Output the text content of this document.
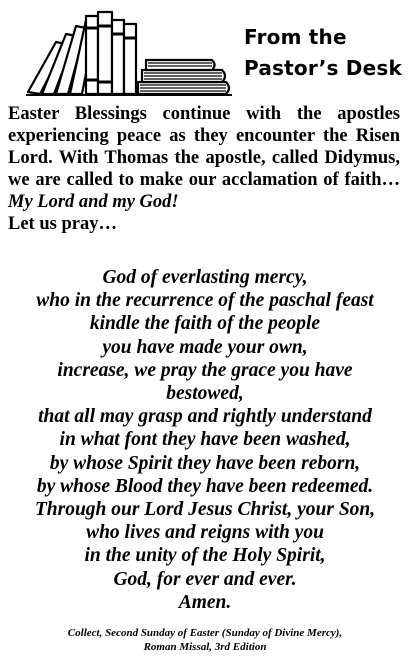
From the
Pastor’s Desk
Easter Blessings continue with the apostles experiencing peace as they encounter the Risen Lord. With Thomas the apostle, called Didymus, we are called to make our acclamation of faith…My Lord and my God!
Let us pray…
God of everlasting mercy,
who in the recurrence of the paschal feast
kindle the faith of the people
you have made your own,
increase, we pray the grace you have
bestowed,
that all may grasp and rightly understand
in what font they have been washed,
by whose Spirit they have been reborn,
by whose Blood they have been redeemed.
Through our Lord Jesus Christ, your Son,
who lives and reigns with you
in the unity of the Holy Spirit,
God, for ever and ever.
Amen.
Collect, Second Sunday of Easter (Sunday of Divine Mercy),
Roman Missal, 3rd Edition
